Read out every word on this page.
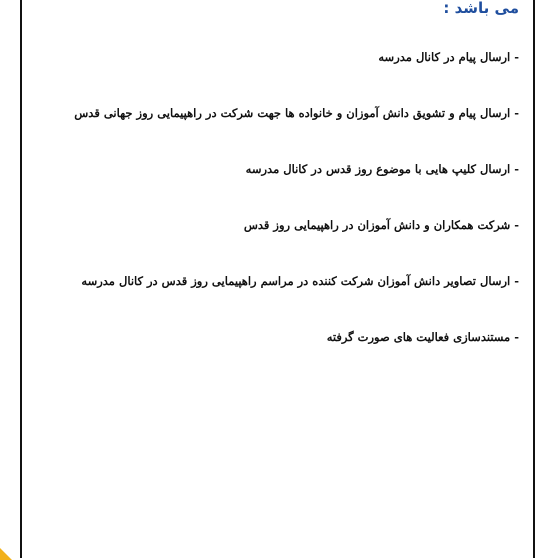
می باشد :
- ارسال پیام در کانال مدرسه
- ارسال پیام و تشویق دانش آموزان و خانواده ها جهت شرکت در راهپیمایی روز جهانی قدس
- ارسال کلیپ هایی با موضوع روز قدس در کانال مدرسه
- شرکت همکاران و دانش آموزان در راهپیمایی روز قدس
- ارسال تصاویر دانش آموزان شرکت کننده در مراسم راهپیمایی روز قدس در کانال مدرسه
- مستندسازی فعالیت های صورت گرفته
